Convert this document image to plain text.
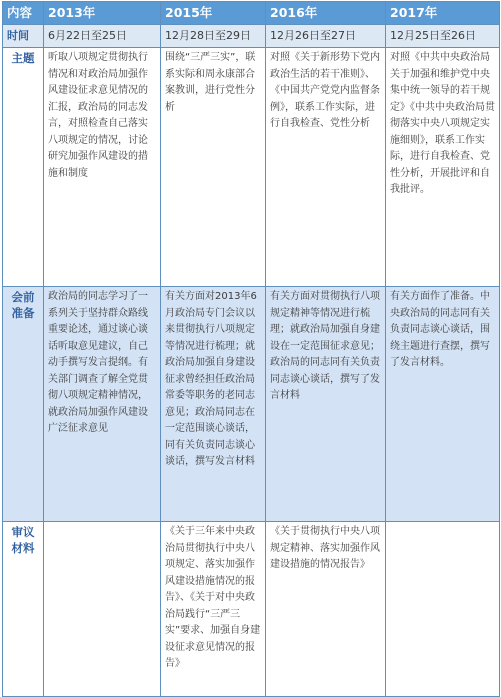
内容	2013年	2015年	2016年	2017年
时间	6月22日至25日	12月28日至29日	12月26日至27日	12月25日至26日
主题	听取八项规定贯彻执行情况和对政治局加强作风建设征求意见情况的汇报，政治局的同志发言，对照检查自己落实八项规定的情况，讨论研究加强作风建设的措施和制度	围绕“三严三实”，联系实际和周永康部合案教训，进行党性分析	对照《关于新形势下党内政治生活的若干准则》、《中国共产党党内监督条例》，联系工作实际，进行自我检查、党性分析	对照《中共中央政治局关于加强和维护党中央集中统一领导的若干规定》《中共中央政治局贯彻落实中央八项规定实施细则》，联系工作实际，进行自我检查、党性分析，开展批评和自我批评。
会前准备	政治局的同志学习了一系列关于坚持群众路线重要论述，通过谈心谈话听取意见建议，自己动手撰写发言提纲。有关部门调查了解全党贯彻八项规定精神情况，就政治局加强作风建设广泛征求意见	有关方面对2013年6月政治局专门会议以来贯彻执行八项规定等情况进行梳理；就政治局加强自身建设征求曾经担任政治局常委等职务的老同志意见；政治局同志在一定范围谈心谈话，同有关负责同志谈心谈话，撰写发言材料	有关方面对贯彻执行八项规定精神等情况进行梳理；就政治局加强自身建设在一定范围征求意见；政治局的同志同有关负责同志谈心谈话，撰写了发言材料	有关方面作了准备。中央政治局的同志同有关负责同志谈心谈话，围绕主题进行查摆，撰写了发言材料。
审议材料		《关于三年来中央政治局贯彻执行中央八项规定、落实加强作风建设措施情况的报告》、《关于对中央政治局践行“三严三实”要求、加强自身建设征求意见情况的报告》	《关于贯彻执行中央八项规定精神、落实加强作风建设措施的情况报告》	
